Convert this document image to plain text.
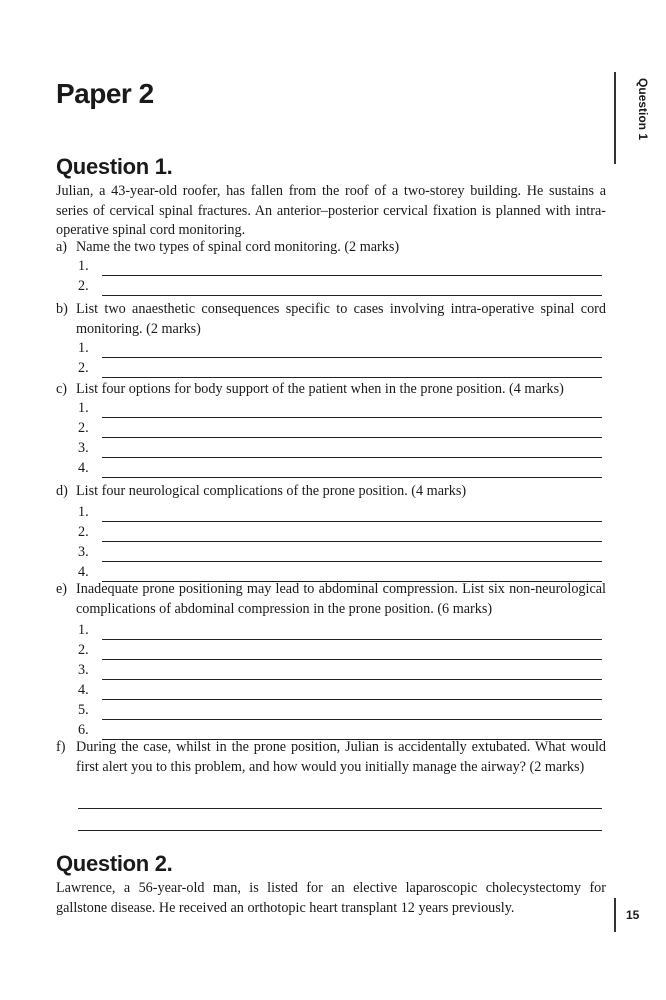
Paper 2	Question 1
Question 1.
Julian, a 43-year-old roofer, has fallen from the roof of a two-storey building. He sustains a series of cervical spinal fractures. An anterior–posterior cervical fixation is planned with intra-operative spinal cord monitoring.
a) Name the two types of spinal cord monitoring. (2 marks)
1.
2.
b) List two anaesthetic consequences specific to cases involving intra-operative spinal cord monitoring. (2 marks)
1.
2.
c) List four options for body support of the patient when in the prone position. (4 marks)
1.
2.
3.
4.
d) List four neurological complications of the prone position. (4 marks)
1.
2.
3.
4.
e) Inadequate prone positioning may lead to abdominal compression. List six non-neurological complications of abdominal compression in the prone position. (6 marks)
1.
2.
3.
4.
5.
6.
f) During the case, whilst in the prone position, Julian is accidentally extubated. What would first alert you to this problem, and how would you initially manage the airway? (2 marks)
Question 2.
Lawrence, a 56-year-old man, is listed for an elective laparoscopic cholecystectomy for gallstone disease. He received an orthotopic heart transplant 12 years previously.	15
